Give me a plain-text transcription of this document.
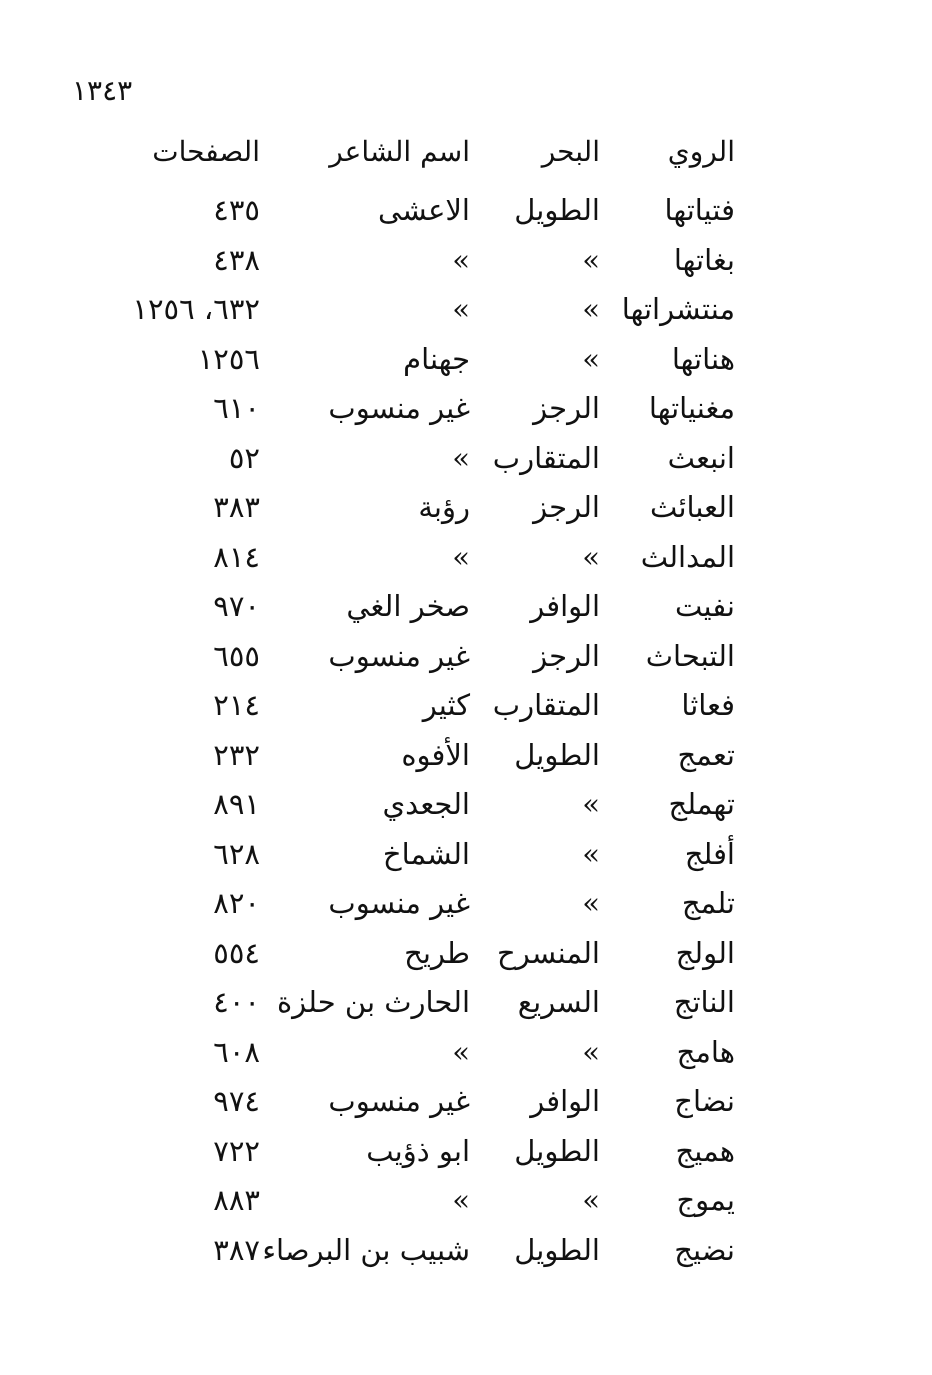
١٣٤٣
الروي
البحر
اسم الشاعر
الصفحات
فتياتها
الطويل
الاعشى
٤٣٥
بغاتها
»
»
٤٣٨
منتشراتها
»
»
٦٣٢، ١٢٥٦
هناتها
»
جهنام
١٢٥٦
مغنياتها
الرجز
غير منسوب
٦١٠
انبعث
المتقارب
»
٥٢
العبائث
الرجز
رؤبة
٣٨٣
المدالث
»
»
٨١٤
نفيت
الوافر
صخر الغي
٩٧٠
التبحاث
الرجز
غير منسوب
٦٥٥
فعاثا
المتقارب
كثير
٢١٤
تعمج
الطويل
الأفوه
٢٣٢
تهملج
»
الجعدي
٨٩١
أفلج
»
الشماخ
٦٢٨
تلمج
»
غير منسوب
٨٢٠
الولج
المنسرح
طريح
٥٥٤
الناتج
السريع
الحارث بن حلزة
٤٠٠
هامج
»
»
٦٠٨
نضاج
الوافر
غير منسوب
٩٧٤
هميج
الطويل
ابو ذؤيب
٧٢٢
يموج
»
»
٨٨٣
نضيج
الطويل
شبيب بن البرصاء
٣٨٧
